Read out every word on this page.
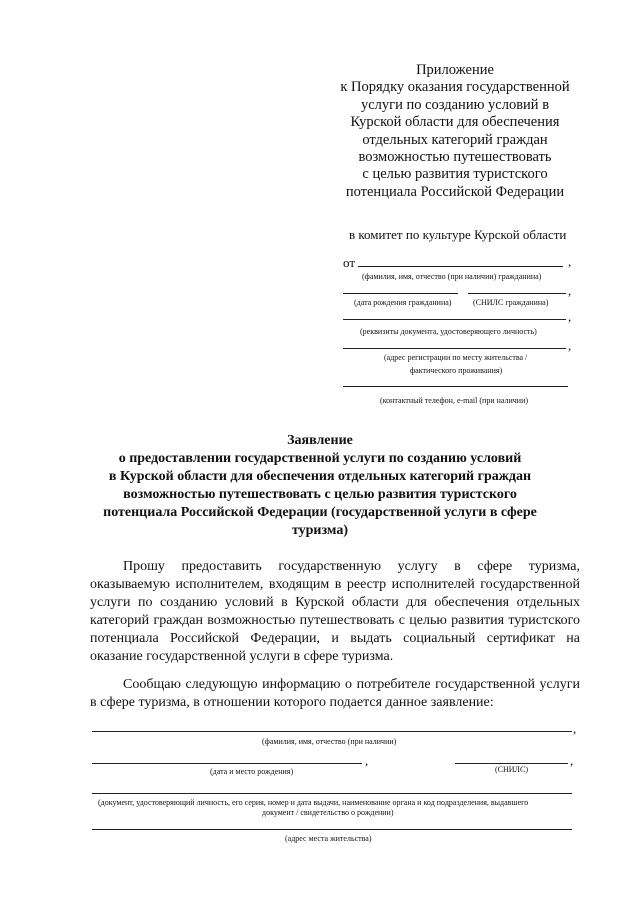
Приложение
к Порядку оказания государственной
услуги по созданию условий в
Курской области для обеспечения
отдельных категорий граждан
возможностью путешествовать
с целью развития туристского
потенциала Российской Федерации
в комитет по культуре Курской области
от	,
(фамилия, имя, отчество (при наличии) гражданина)
,
(дата рождения гражданина)	(СНИЛС гражданина)
,
(реквизиты документа, удостоверяющего личность)
,
(адрес регистрации по месту жительства /
фактического проживания)
(контактный телефон, e-mail (при наличии)
Заявление
о предоставлении государственной услуги по созданию условий
в Курской области для обеспечения отдельных категорий граждан
возможностью путешествовать с целью развития туристского
потенциала Российской Федерации (государственной услуги в сфере
туризма)
Прошу предоставить государственную услугу в сфере туризма, оказываемую исполнителем, входящим в реестр исполнителей государственной услуги по созданию условий в Курской области для обеспечения отдельных категорий граждан возможностью путешествовать с целью развития туристского потенциала Российской Федерации, и выдать социальный сертификат на оказание государственной услуги в сфере туризма.
Сообщаю следующую информацию о потребителе государственной услуги в сфере туризма, в отношении которого подается данное заявление:
,
(фамилия, имя, отчество (при наличии)
,	,
(дата и место рождения)	(СНИЛС)
(документ, удостоверяющий личность, его серия, номер и дата выдачи, наименование органа и код подразделения, выдавшего
документ / свидетельство о рождении)
(адрес места жительства)
